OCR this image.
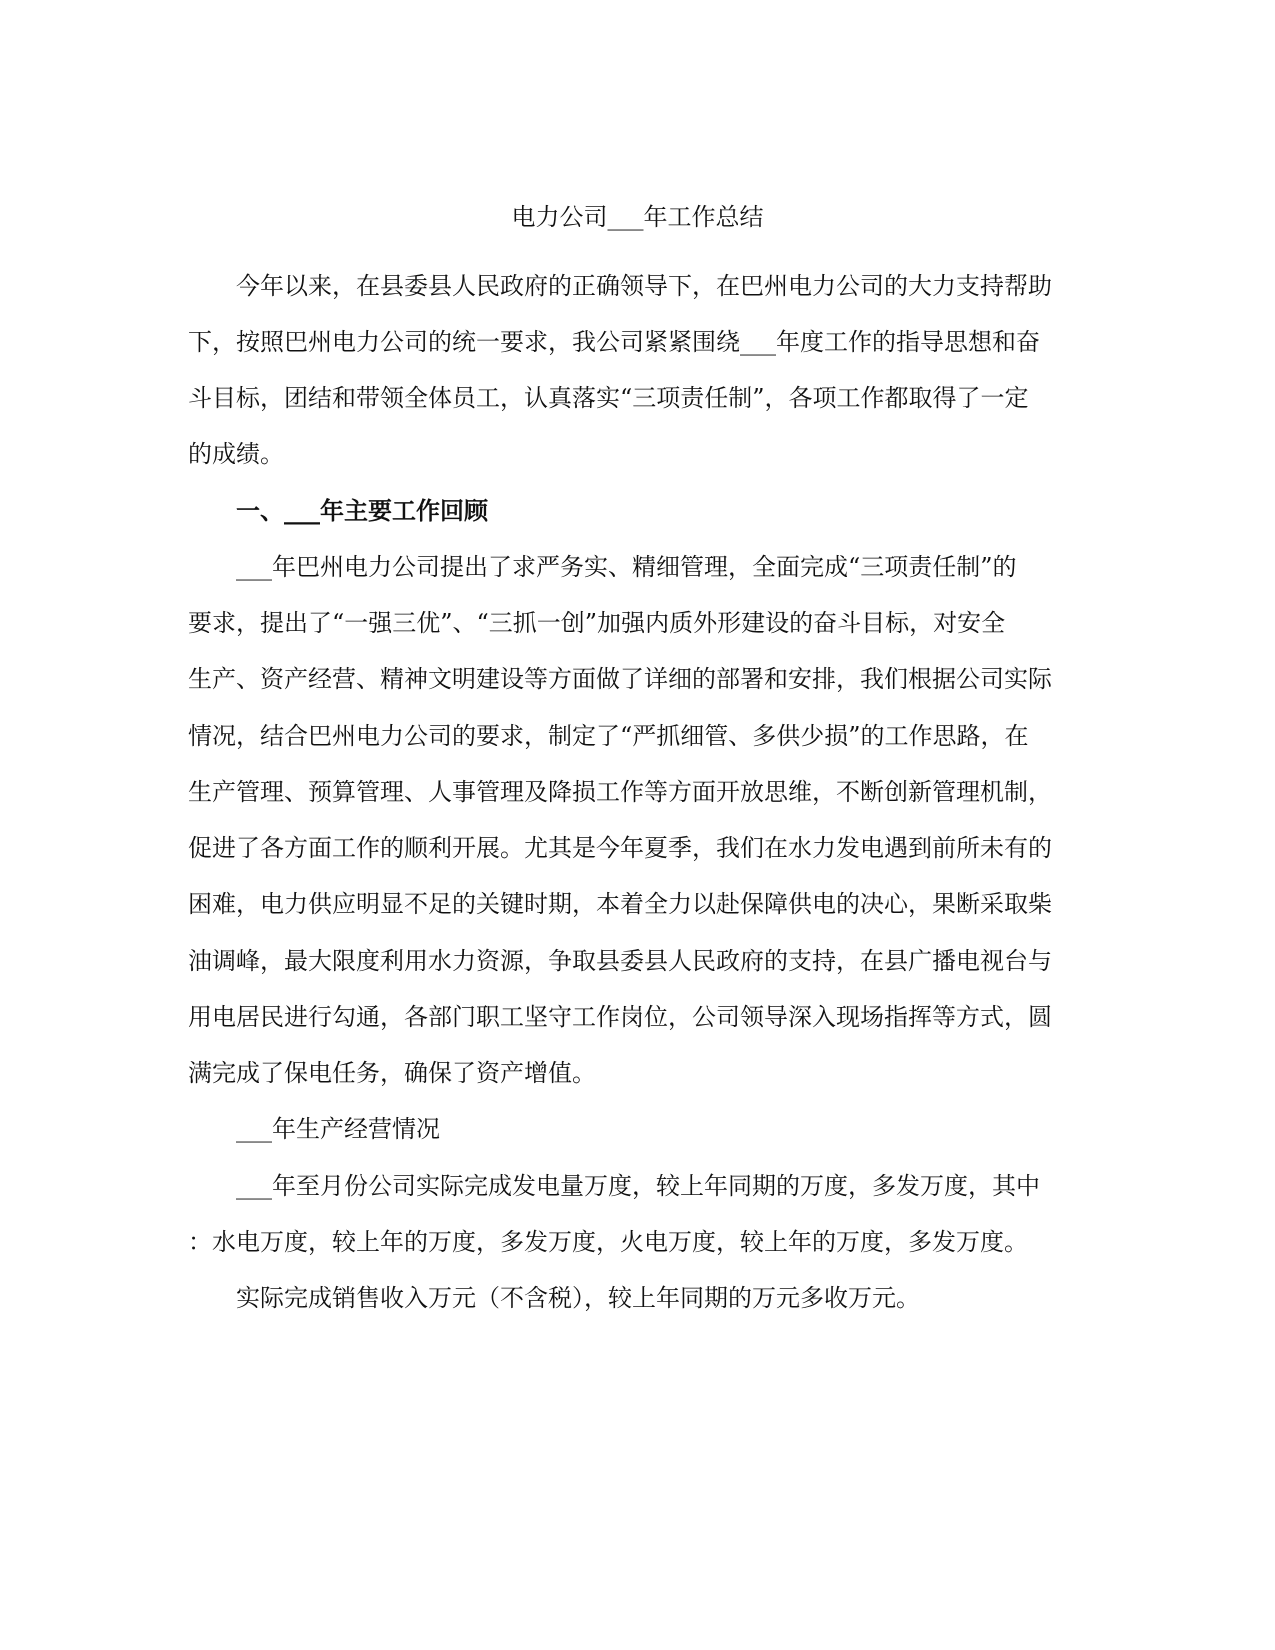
电力公司___年工作总结
今年以来，在县委县人民政府的正确领导下，在巴州电力公司的大力支持帮助
下，按照巴州电力公司的统一要求，我公司紧紧围绕___年度工作的指导思想和奋
斗目标，团结和带领全体员工，认真落实“三项责任制”，各项工作都取得了一定
的成绩。
一、___年主要工作回顾
___年巴州电力公司提出了求严务实、精细管理，全面完成“三项责任制”的
要求，提出了“一强三优”、“三抓一创”加强内质外形建设的奋斗目标，对安全
生产、资产经营、精神文明建设等方面做了详细的部署和安排，我们根据公司实际
情况，结合巴州电力公司的要求，制定了“严抓细管、多供少损”的工作思路，在
生产管理、预算管理、人事管理及降损工作等方面开放思维，不断创新管理机制，
促进了各方面工作的顺利开展。尤其是今年夏季，我们在水力发电遇到前所未有的
困难，电力供应明显不足的关键时期，本着全力以赴保障供电的决心，果断采取柴
油调峰，最大限度利用水力资源，争取县委县人民政府的支持，在县广播电视台与
用电居民进行勾通，各部门职工坚守工作岗位，公司领导深入现场指挥等方式，圆
满完成了保电任务，确保了资产增值。
___年生产经营情况
___年至月份公司实际完成发电量万度，较上年同期的万度，多发万度，其中
：水电万度，较上年的万度，多发万度，火电万度，较上年的万度，多发万度。
实际完成销售收入万元（不含税），较上年同期的万元多收万元。
